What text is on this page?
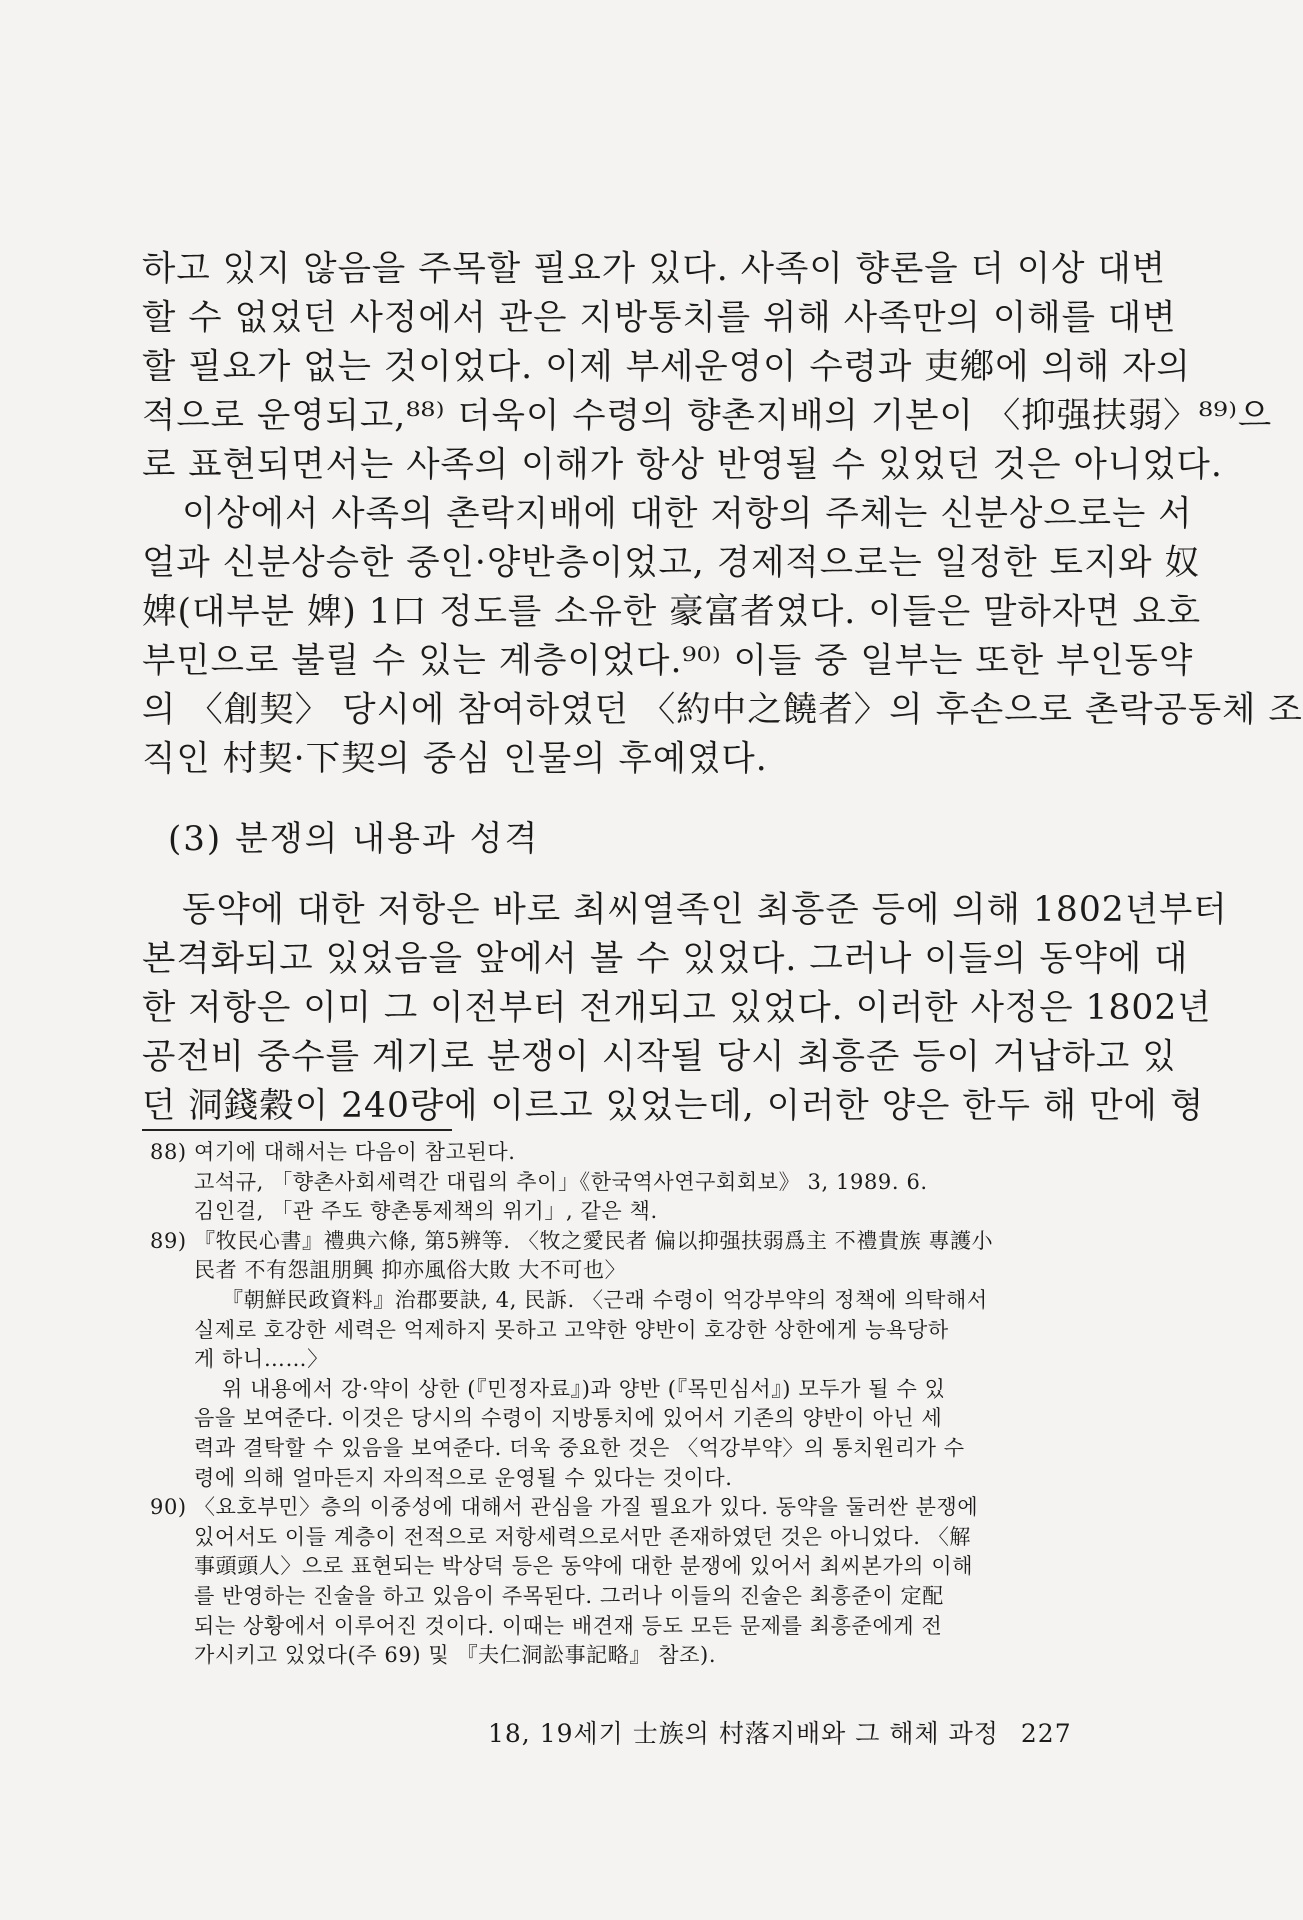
하고 있지 않음을 주목할 필요가 있다. 사족이 향론을 더 이상 대변
할 수 없었던 사정에서 관은 지방통치를 위해 사족만의 이해를 대변
할 필요가 없는 것이었다. 이제 부세운영이 수령과 吏鄕에 의해 자의
적으로 운영되고,⁸⁸⁾ 더욱이 수령의 향촌지배의 기본이 〈抑强扶弱〉⁸⁹⁾으
로 표현되면서는 사족의 이해가 항상 반영될 수 있었던 것은 아니었다.
이상에서 사족의 촌락지배에 대한 저항의 주체는 신분상으로는 서
얼과 신분상승한 중인·양반층이었고, 경제적으로는 일정한 토지와 奴
婢(대부분 婢) 1口 정도를 소유한 豪富者였다. 이들은 말하자면 요호
부민으로 불릴 수 있는 계층이었다.⁹⁰⁾ 이들 중 일부는 또한 부인동약
의 〈創契〉 당시에 참여하였던 〈約中之饒者〉의 후손으로 촌락공동체 조
직인 村契·下契의 중심 인물의 후예였다.
(3) 분쟁의 내용과 성격
동약에 대한 저항은 바로 최씨열족인 최흥준 등에 의해 1802년부터
본격화되고 있었음을 앞에서 볼 수 있었다. 그러나 이들의 동약에 대
한 저항은 이미 그 이전부터 전개되고 있었다. 이러한 사정은 1802년
공전비 중수를 계기로 분쟁이 시작될 당시 최흥준 등이 거납하고 있
던 洞錢穀이 240량에 이르고 있었는데, 이러한 양은 한두 해 만에 형
88) 여기에 대해서는 다음이 참고된다.
고석규, 「향촌사회세력간 대립의 추이」《한국역사연구회회보》 3, 1989. 6.
김인걸, 「관 주도 향촌통제책의 위기」, 같은 책.
89) 『牧民心書』禮典六條, 第5辨等. 〈牧之愛民者 偏以抑强扶弱爲主 不禮貴族 專護小
民者 不有怨詛朋興 抑亦風俗大敗 大不可也〉
『朝鮮民政資料』治郡要訣, 4, 民訴. 〈근래 수령이 억강부약의 정책에 의탁해서
실제로 호강한 세력은 억제하지 못하고 고약한 양반이 호강한 상한에게 능욕당하
게 하니……〉
위 내용에서 강·약이 상한 (『민정자료』)과 양반 (『목민심서』) 모두가 될 수 있
음을 보여준다. 이것은 당시의 수령이 지방통치에 있어서 기존의 양반이 아닌 세
력과 결탁할 수 있음을 보여준다. 더욱 중요한 것은 〈억강부약〉의 통치원리가 수
령에 의해 얼마든지 자의적으로 운영될 수 있다는 것이다.
90) 〈요호부민〉층의 이중성에 대해서 관심을 가질 필요가 있다. 동약을 둘러싼 분쟁에
있어서도 이들 계층이 전적으로 저항세력으로서만 존재하였던 것은 아니었다. 〈解
事頭頭人〉으로 표현되는 박상덕 등은 동약에 대한 분쟁에 있어서 최씨본가의 이해
를 반영하는 진술을 하고 있음이 주목된다. 그러나 이들의 진술은 최흥준이 定配
되는 상황에서 이루어진 것이다. 이때는 배견재 등도 모든 문제를 최흥준에게 전
가시키고 있었다(주 69) 및 『夫仁洞訟事記略』 참조).
18, 19세기 士族의 村落지배와 그 해체 과정 227
